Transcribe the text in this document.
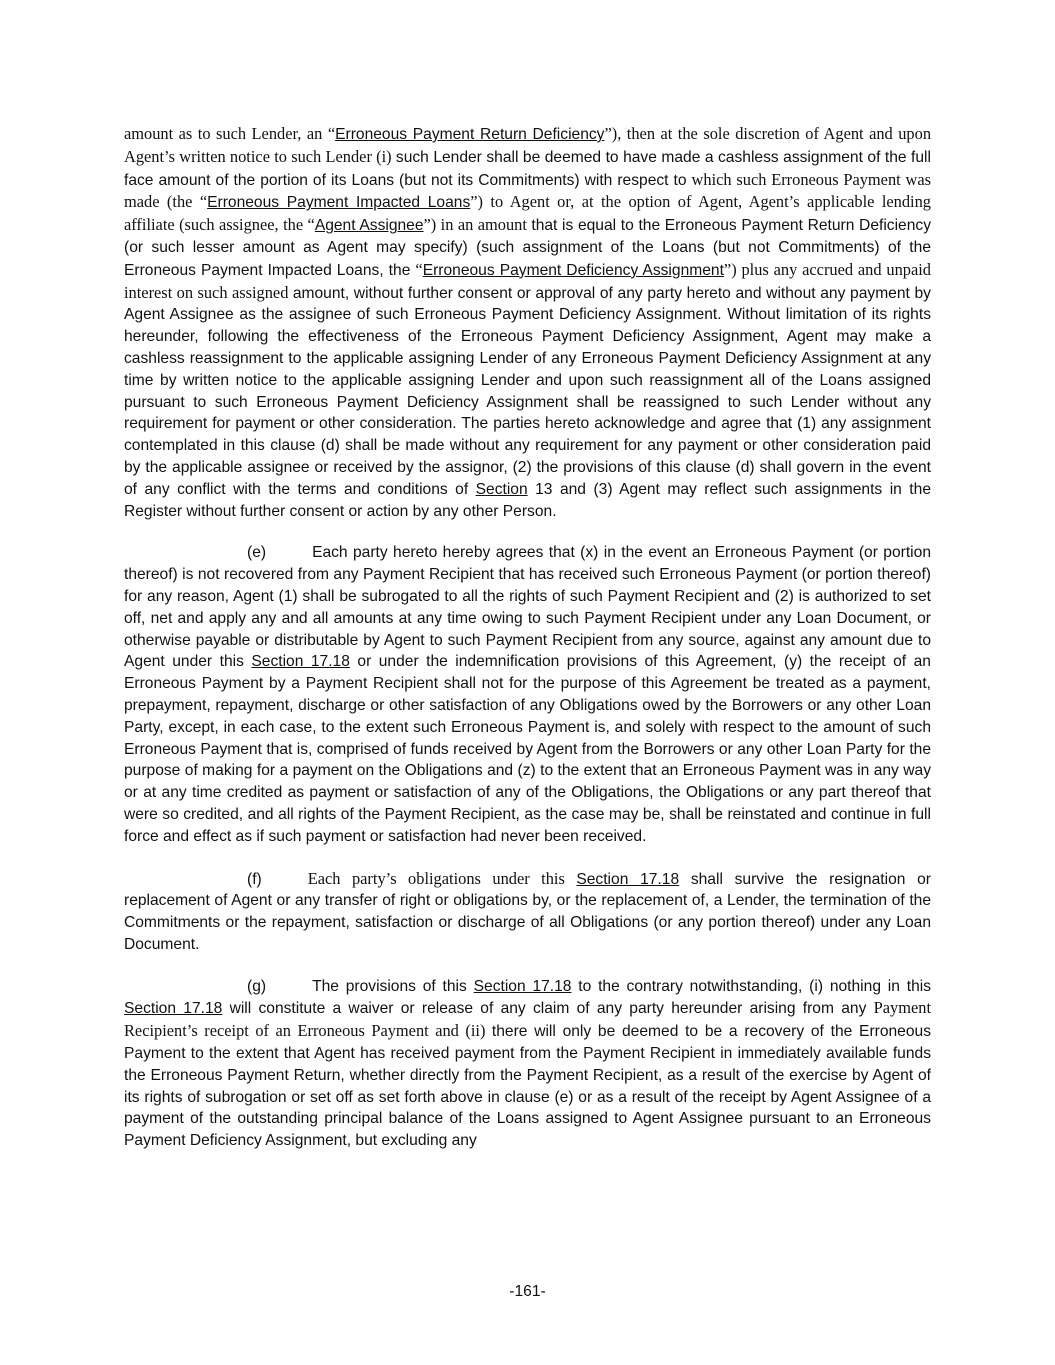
amount as to such Lender, an “Erroneous Payment Return Deficiency”), then at the sole discretion of Agent and upon Agent’s written notice to such Lender (i) such Lender shall be deemed to have made a cashless assignment of the full face amount of the portion of its Loans (but not its Commitments) with respect to which such Erroneous Payment was made (the “Erroneous Payment Impacted Loans”) to Agent or, at the option of Agent, Agent’s applicable lending affiliate (such assignee, the “Agent Assignee”) in an amount that is equal to the Erroneous Payment Return Deficiency (or such lesser amount as Agent may specify) (such assignment of the Loans (but not Commitments) of the Erroneous Payment Impacted Loans, the “Erroneous Payment Deficiency Assignment”) plus any accrued and unpaid interest on such assigned amount, without further consent or approval of any party hereto and without any payment by Agent Assignee as the assignee of such Erroneous Payment Deficiency Assignment. Without limitation of its rights hereunder, following the effectiveness of the Erroneous Payment Deficiency Assignment, Agent may make a cashless reassignment to the applicable assigning Lender of any Erroneous Payment Deficiency Assignment at any time by written notice to the applicable assigning Lender and upon such reassignment all of the Loans assigned pursuant to such Erroneous Payment Deficiency Assignment shall be reassigned to such Lender without any requirement for payment or other consideration. The parties hereto acknowledge and agree that (1) any assignment contemplated in this clause (d) shall be made without any requirement for any payment or other consideration paid by the applicable assignee or received by the assignor, (2) the provisions of this clause (d) shall govern in the event of any conflict with the terms and conditions of Section 13 and (3) Agent may reflect such assignments in the Register without further consent or action by any other Person.

(e)	Each party hereto hereby agrees that (x) in the event an Erroneous Payment (or portion thereof) is not recovered from any Payment Recipient that has received such Erroneous Payment (or portion thereof) for any reason, Agent (1) shall be subrogated to all the rights of such Payment Recipient and (2) is authorized to set off, net and apply any and all amounts at any time owing to such Payment Recipient under any Loan Document, or otherwise payable or distributable by Agent to such Payment Recipient from any source, against any amount due to Agent under this Section 17.18 or under the indemnification provisions of this Agreement, (y) the receipt of an Erroneous Payment by a Payment Recipient shall not for the purpose of this Agreement be treated as a payment, prepayment, repayment, discharge or other satisfaction of any Obligations owed by the Borrowers or any other Loan Party, except, in each case, to the extent such Erroneous Payment is, and solely with respect to the amount of such Erroneous Payment that is, comprised of funds received by Agent from the Borrowers or any other Loan Party for the purpose of making for a payment on the Obligations and (z) to the extent that an Erroneous Payment was in any way or at any time credited as payment or satisfaction of any of the Obligations, the Obligations or any part thereof that were so credited, and all rights of the Payment Recipient, as the case may be, shall be reinstated and continue in full force and effect as if such payment or satisfaction had never been received.

(f)	Each party’s obligations under this Section 17.18 shall survive the resignation or replacement of Agent or any transfer of right or obligations by, or the replacement of, a Lender, the termination of the Commitments or the repayment, satisfaction or discharge of all Obligations (or any portion thereof) under any Loan Document.

(g)	The provisions of this Section 17.18 to the contrary notwithstanding, (i) nothing in this Section 17.18 will constitute a waiver or release of any claim of any party hereunder arising from any Payment Recipient’s receipt of an Erroneous Payment and (ii) there will only be deemed to be a recovery of the Erroneous Payment to the extent that Agent has received payment from the Payment Recipient in immediately available funds the Erroneous Payment Return, whether directly from the Payment Recipient, as a result of the exercise by Agent of its rights of subrogation or set off as set forth above in clause (e) or as a result of the receipt by Agent Assignee of a payment of the outstanding principal balance of the Loans assigned to Agent Assignee pursuant to an Erroneous Payment Deficiency Assignment, but excluding any

-161-
